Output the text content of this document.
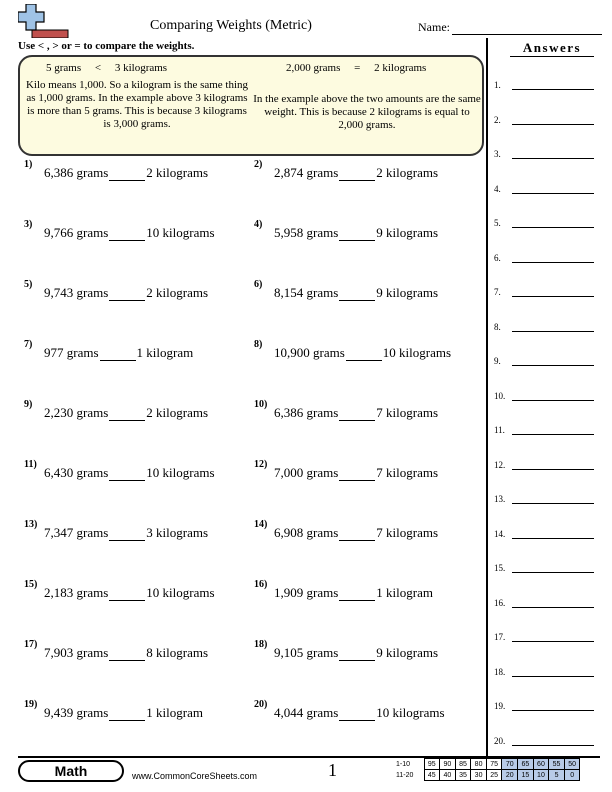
Comparing Weights (Metric)	Name:
Use < , > or = to compare the weights.
5 grams     <     3 kilograms	2,000 grams     =     2 kilograms
Kilo means 1,000. So a kilogram is the same thing as 1,000 grams. In the example above 3 kilograms is more than 5 grams. This is because 3 kilograms is 3,000 grams.
In the example above the two amounts are the same weight. This is because 2 kilograms is equal to 2,000 grams.
1)
6,386 grams	2 kilograms
2)
2,874 grams	2 kilograms
3)
9,766 grams	10 kilograms
4)
5,958 grams	9 kilograms
5)
9,743 grams	2 kilograms
6)
8,154 grams	9 kilograms
7)
977 grams	1 kilogram
8)
10,900 grams	10 kilograms
9)
2,230 grams	2 kilograms
10)
6,386 grams	7 kilograms
11)
6,430 grams	10 kilograms
12)
7,000 grams	7 kilograms
13)
7,347 grams	3 kilograms
14)
6,908 grams	7 kilograms
15)
2,183 grams	10 kilograms
16)
1,909 grams	1 kilogram
17)
7,903 grams	8 kilograms
18)
9,105 grams	9 kilograms
19)
9,439 grams	1 kilogram
20)
4,044 grams	10 kilograms
Answers
1.
2.
3.
4.
5.
6.
7.
8.
9.
10.
11.
12.
13.
14.
15.
16.
17.
18.
19.
20.
Math	www.CommonCoreSheets.com	1	1-10	95	90	85	80	75	70	65	60	55	50
11-20	45	40	35	30	25	20	15	10	5	0
